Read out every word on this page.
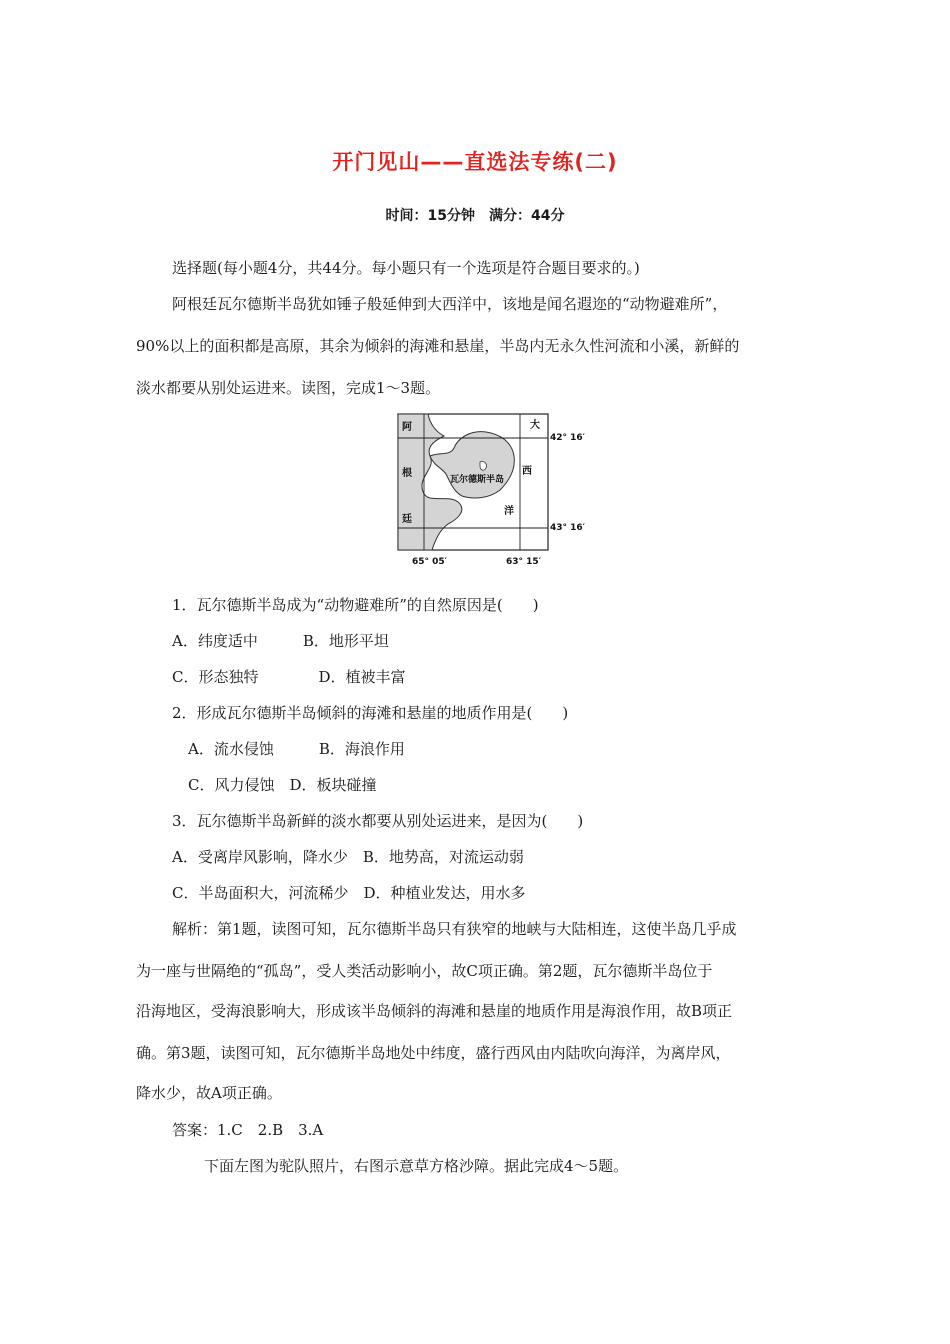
开门见山——直选法专练(二)
时间：15分钟　满分：44分
选择题(每小题4分，共44分。每小题只有一个选项是符合题目要求的。)
阿根廷瓦尔德斯半岛犹如锤子般延伸到大西洋中，该地是闻名遐迩的“动物避难所”，
90%以上的面积都是高原，其余为倾斜的海滩和悬崖，半岛内无永久性河流和小溪，新鲜的
淡水都要从别处运进来。读图，完成1～3题。
阿
根
廷
大
西
洋
瓦尔德斯半岛
42° 16′
43° 16′
65° 05′	63° 15′
1．瓦尔德斯半岛成为“动物避难所”的自然原因是(　　)
A．纬度适中　　　B．地形平坦
C．形态独特　　　　D．植被丰富
2．形成瓦尔德斯半岛倾斜的海滩和悬崖的地质作用是(　　)
A．流水侵蚀　　　B．海浪作用
C．风力侵蚀　D．板块碰撞
3．瓦尔德斯半岛新鲜的淡水都要从别处运进来，是因为(　　)
A．受离岸风影响，降水少　B．地势高，对流运动弱
C．半岛面积大，河流稀少　D．种植业发达，用水多
解析：第1题，读图可知，瓦尔德斯半岛只有狭窄的地峡与大陆相连，这使半岛几乎成
为一座与世隔绝的“孤岛”，受人类活动影响小，故C项正确。第2题，瓦尔德斯半岛位于
沿海地区，受海浪影响大，形成该半岛倾斜的海滩和悬崖的地质作用是海浪作用，故B项正
确。第3题，读图可知，瓦尔德斯半岛地处中纬度，盛行西风由内陆吹向海洋，为离岸风，
降水少，故A项正确。
答案：1.C　2.B　3.A
下面左图为驼队照片，右图示意草方格沙障。据此完成4～5题。
